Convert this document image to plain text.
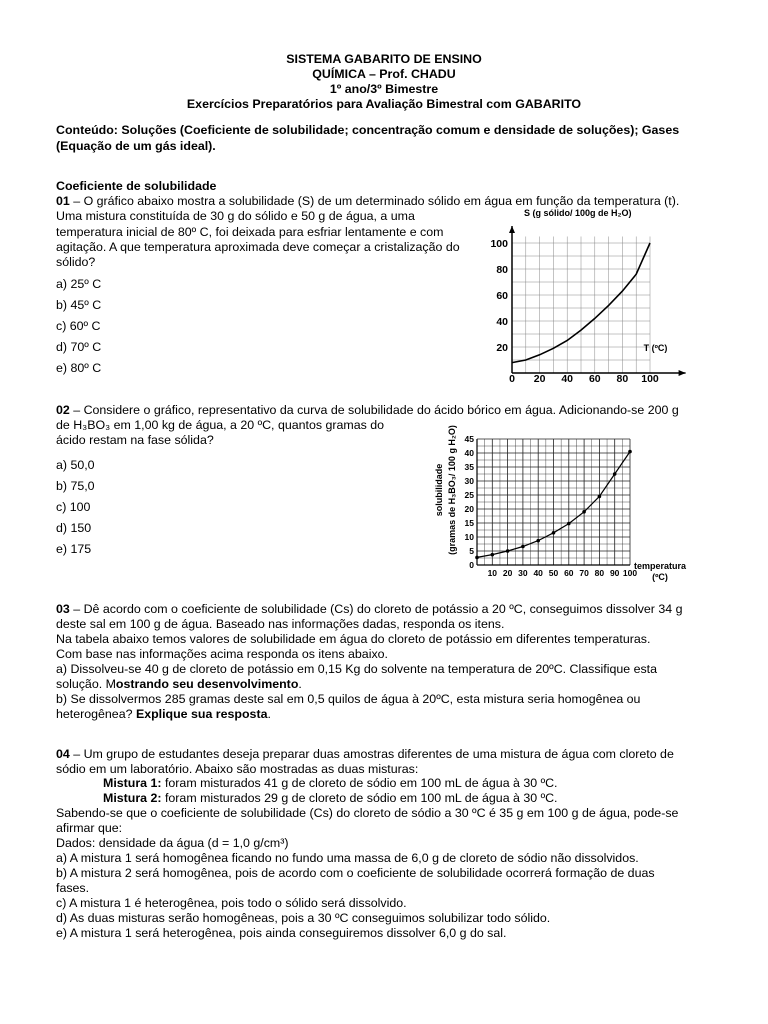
SISTEMA GABARITO DE ENSINO
QUÍMICA – Prof. CHADU
1º ano/3º Bimestre
Exercícios Preparatórios para Avaliação Bimestral com GABARITO
Conteúdo: Soluções (Coeficiente de solubilidade; concentração comum e densidade de soluções); Gases
(Equação de um gás ideal).
Coeficiente de solubilidade
01 – O gráfico abaixo mostra a solubilidade (S) de um determinado sólido em água em função da temperatura (t).
Uma mistura constituída de 30 g do sólido e 50 g de água, a uma
temperatura inicial de 80º C, foi deixada para esfriar lentamente e com
agitação. A que temperatura aproximada deve começar a cristalização do
sólido?
a) 25º C
b) 45º C
c) 60º C
d) 70º C
e) 80º C
0 20 40 60 80 100
20
40
60
80
100
S (g sólido/ 100g de H₂O)
T (ºC)
02 – Considere o gráfico, representativo da curva de solubilidade do ácido bórico em água. Adicionando-se 200 g
de H₃BO₃ em 1,00 kg de água, a 20 ºC, quantos gramas do
ácido restam na fase sólida?
a) 50,0
b) 75,0
c) 100
d) 150
e) 175
10 20 30 40 50 60 70 80 90 100
0
5
10
15
20
25
30
35
40
45
solubilidade (gramas de H₃BO₃/ 100 g H₂O)
temperatura
(ºC)
03 – Dê acordo com o coeficiente de solubilidade (Cs) do cloreto de potássio a 20 ºC, conseguimos dissolver 34 g
deste sal em 100 g de água. Baseado nas informações dadas, responda os itens.
Na tabela abaixo temos valores de solubilidade em água do cloreto de potássio em diferentes temperaturas.
Com base nas informações acima responda os itens abaixo.
a) Dissolveu-se 40 g de cloreto de potássio em 0,15 Kg do solvente na temperatura de 20ºC. Classifique esta
solução. Mostrando seu desenvolvimento.
b) Se dissolvermos 285 gramas deste sal em 0,5 quilos de água à 20ºC, esta mistura seria homogênea ou
heterogênea? Explique sua resposta.
04 – Um grupo de estudantes deseja preparar duas amostras diferentes de uma mistura de água com cloreto de
sódio em um laboratório. Abaixo são mostradas as duas misturas:
Mistura 1: foram misturados 41 g de cloreto de sódio em 100 mL de água à 30 ºC.
Mistura 2: foram misturados 29 g de cloreto de sódio em 100 mL de água à 30 ºC.
Sabendo-se que o coeficiente de solubilidade (Cs) do cloreto de sódio a 30 ºC é 35 g em 100 g de água, pode-se
afirmar que:
Dados: densidade da água (d = 1,0 g/cm³)
a) A mistura 1 será homogênea ficando no fundo uma massa de 6,0 g de cloreto de sódio não dissolvidos.
b) A mistura 2 será homogênea, pois de acordo com o coeficiente de solubilidade ocorrerá formação de duas
fases.
c) A mistura 1 é heterogênea, pois todo o sólido será dissolvido.
d) As duas misturas serão homogêneas, pois a 30 ºC conseguimos solubilizar todo sólido.
e) A mistura 1 será heterogênea, pois ainda conseguiremos dissolver 6,0 g do sal.
